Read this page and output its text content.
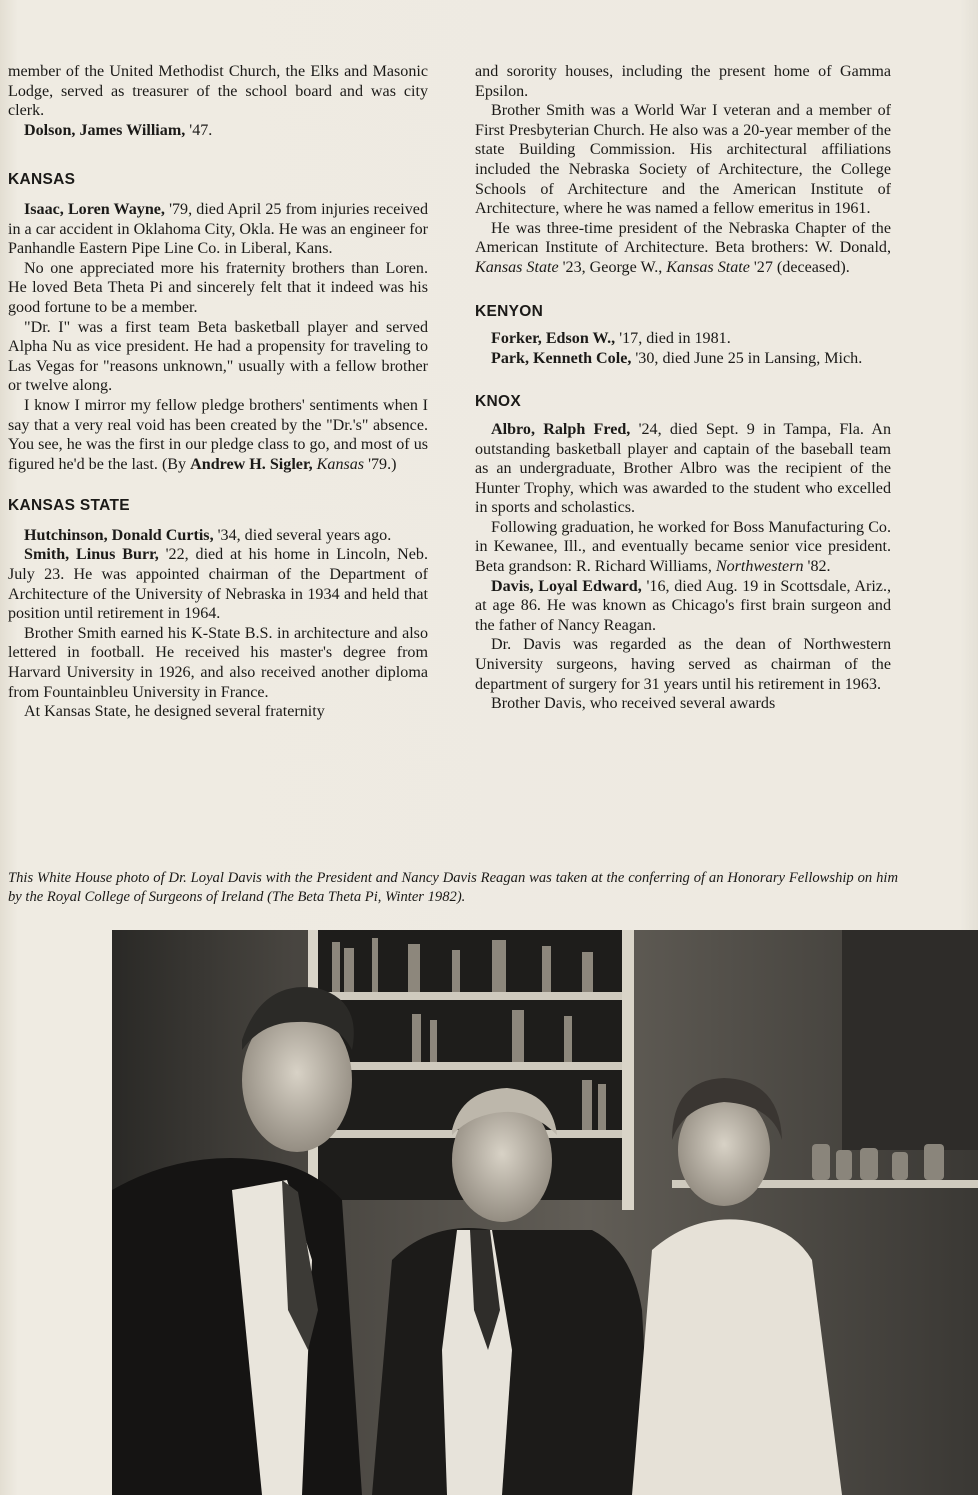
member of the United Methodist Church, the Elks and Masonic Lodge, served as treasurer of the school board and was city clerk.

Dolson, James William, '47.

KANSAS

Isaac, Loren Wayne, '79, died April 25 from injuries received in a car accident in Oklahoma City, Okla. He was an engineer for Panhandle Eastern Pipe Line Co. in Liberal, Kans.

No one appreciated more his fraternity brothers than Loren. He loved Beta Theta Pi and sincerely felt that it indeed was his good fortune to be a member.

"Dr. I" was a first team Beta basketball player and served Alpha Nu as vice president. He had a propensity for traveling to Las Vegas for "reasons unknown," usually with a fellow brother or twelve along.

I know I mirror my fellow pledge brothers' sentiments when I say that a very real void has been created by the "Dr.'s" absence. You see, he was the first in our pledge class to go, and most of us figured he'd be the last. (By Andrew H. Sigler, Kansas '79.)

KANSAS STATE

Hutchinson, Donald Curtis, '34, died several years ago.

Smith, Linus Burr, '22, died at his home in Lincoln, Neb. July 23. He was appointed chairman of the Department of Architecture of the University of Nebraska in 1934 and held that position until retirement in 1964.

Brother Smith earned his K-State B.S. in architecture and also lettered in football. He received his master's degree from Harvard University in 1926, and also received another diploma from Fountainbleu University in France.

At Kansas State, he designed several fraternity

and sorority houses, including the present home of Gamma Epsilon.

Brother Smith was a World War I veteran and a member of First Presbyterian Church. He also was a 20-year member of the state Building Commission. His architectural affiliations included the Nebraska Society of Architecture, the College Schools of Architecture and the American Institute of Architecture, where he was named a fellow emeritus in 1961.

He was three-time president of the Nebraska Chapter of the American Institute of Architecture. Beta brothers: W. Donald, Kansas State '23, George W., Kansas State '27 (deceased).

KENYON

Forker, Edson W., '17, died in 1981.

Park, Kenneth Cole, '30, died June 25 in Lansing, Mich.

KNOX

Albro, Ralph Fred, '24, died Sept. 9 in Tampa, Fla. An outstanding basketball player and captain of the baseball team as an undergraduate, Brother Albro was the recipient of the Hunter Trophy, which was awarded to the student who excelled in sports and scholastics.

Following graduation, he worked for Boss Manufacturing Co. in Kewanee, Ill., and eventually became senior vice president. Beta grandson: R. Richard Williams, Northwestern '82.

Davis, Loyal Edward, '16, died Aug. 19 in Scottsdale, Ariz., at age 86. He was known as Chicago's first brain surgeon and the father of Nancy Reagan.

Dr. Davis was regarded as the dean of Northwestern University surgeons, having served as chairman of the department of surgery for 31 years until his retirement in 1963.

Brother Davis, who received several awards

This White House photo of Dr. Loyal Davis with the President and Nancy Davis Reagan was taken at the conferring of an Honorary Fellowship on him by the Royal College of Surgeons of Ireland (The Beta Theta Pi, Winter 1982).
